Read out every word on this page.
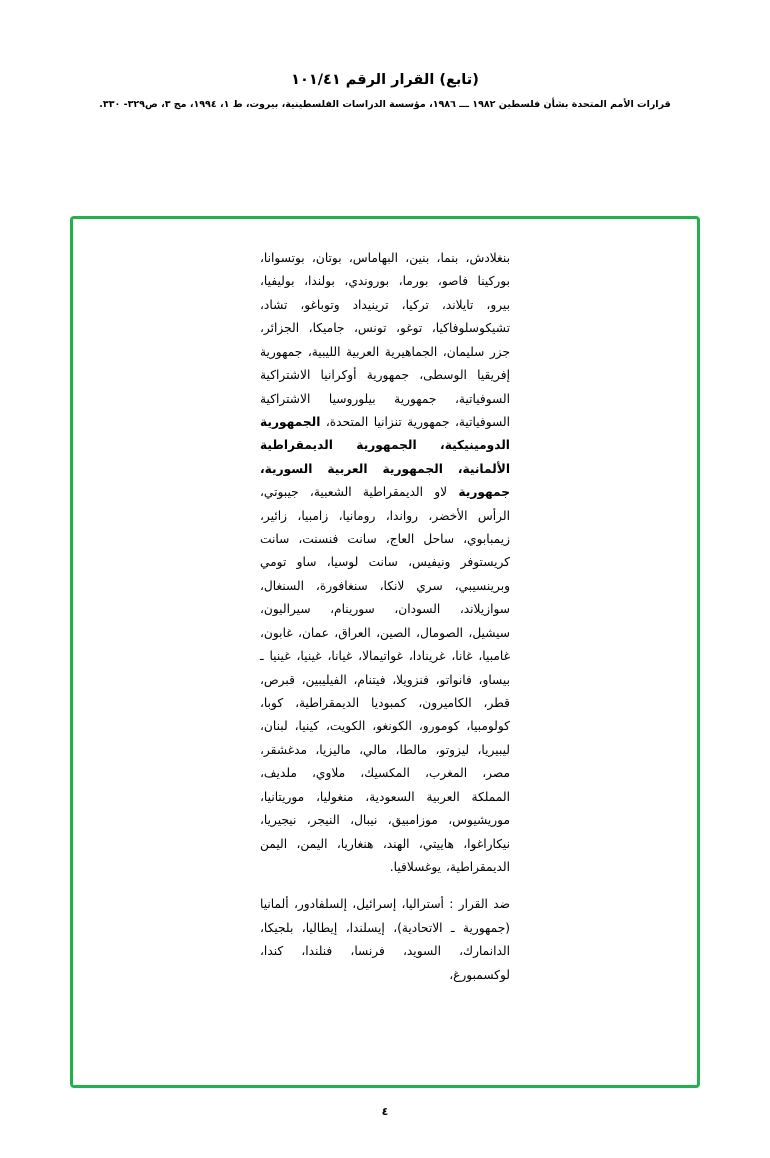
(تابع) القرار الرقم ١٠١/٤١
قرارات الأمم المتحدة بشأن فلسطين ١٩٨٢ ـــ ١٩٨٦، مؤسسة الدراسات الفلسطينية، بيروت، ط ١، ١٩٩٤، مج ٣، ص٣٢٩- ٣٣٠.

بنغلادش، بنما، بنين، البهاماس، بوتان، بوتسوانا، بوركينا فاصو، بورما، بوروندي، بولندا، بوليفيا، بيرو، تايلاند، تركيا، ترينيداد وتوباغو، تشاد، تشيكوسلوفاكيا، توغو، تونس، جاميكا، الجزائر، جزر سليمان، الجماهيرية العربية الليبية، جمهورية إفريقيا الوسطى، جمهورية أوكرانيا الاشتراكية السوفياتية، جمهورية بيلوروسيا الاشتراكية السوفياتية، جمهورية تنزانيا المتحدة، الجمهورية الدومينيكية، الجمهورية الديمقراطية الألمانية، الجمهورية العربية السورية، جمهورية لاو الديمقراطية الشعبية، جيبوتي، الرأس الأخضر، رواندا، رومانيا، زامبيا، زائير، زيمبابوي، ساحل العاج، سانت فنسنت، سانت كريستوفر ونيفيس، سانت لوسيا، ساو تومي وبرينسيبي، سري لانكا، سنغافورة، السنغال، سوازيلاند، السودان، سورينام، سيراليون، سيشيل، الصومال، الصين، العراق، عمان، غابون، غامبيا، غانا، غرينادا، غواتيمالا، غيانا، غينيا، غينيا ـ بيساو، فانواتو، فنزويلا، فيتنام، الفيليبين، قبرص، قطر، الكاميرون، كمبوديا الديمقراطية، كوبا، كولومبيا، كومورو، الكونغو، الكويت، كينيا، لبنان، ليبيريا، ليزوتو، مالطا، مالي، ماليزيا، مدغشقر، مصر، المغرب، المكسيك، ملاوي، ملديف، المملكة العربية السعودية، منغوليا، موريتانيا، موريشيوس، موزامبيق، نيبال، النيجر، نيجيريا، نيكاراغوا، هاييتي، الهند، هنغاريا، اليمن، اليمن الديمقراطية، يوغسلافيا.

ضد القرار : أستراليا، إسرائيل، إلسلفادور، ألمانيا (جمهورية ـ الاتحادية)، إيسلندا، إيطاليا، بلجيكا، الدانمارك، السويد، فرنسا، فنلندا، كندا، لوكسمبورغ،

٤
